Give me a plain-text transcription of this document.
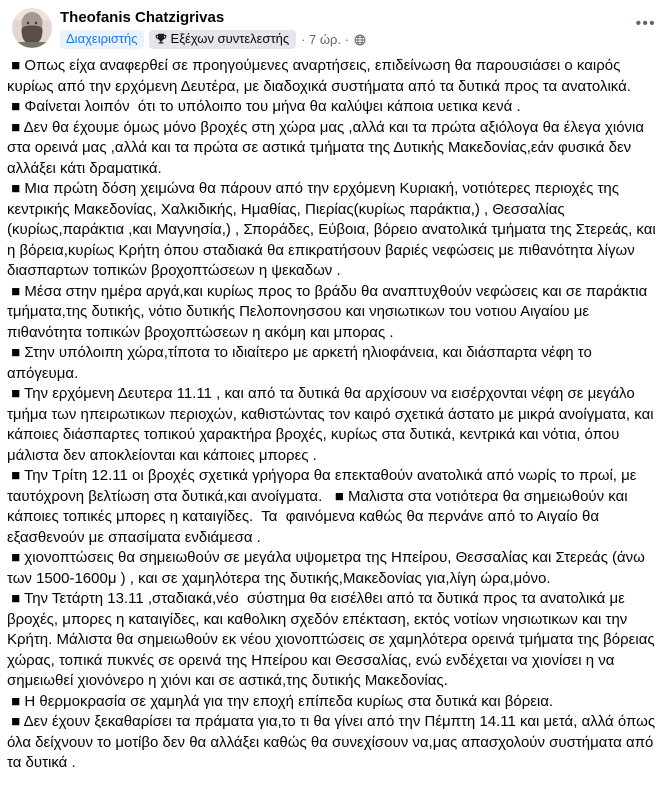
Theofanis Chatzigrivas
Διαχειριστής	Εξέχων συντελεστής · 7 ώρ. ·
•••

■ Οπως είχα αναφερθεί σε προηγούμενες αναρτήσεις, επιδείνωση θα παρουσιάσει ο καιρός κυρίως από την ερχόμενη Δευτέρα, με διαδοχικά συστήματα από τα δυτικά προς τα ανατολικά.

■ Φαίνεται λοιπόν  ότι το υπόλοιπο του μήνα θα καλύψει κάποια υετικα κενά .

■ Δεν θα έχουμε όμως μόνο βροχές στη χώρα μας ,αλλά και τα πρώτα αξιόλογα θα έλεγα χιόνια στα ορεινά μας ,αλλά και τα πρώτα σε αστικά τμήματα της Δυτικής Μακεδονίας,εάν φυσικά δεν αλλάξει κάτι δραματικά.

■ Μια πρώτη δόση χειμώνα θα πάρουν από την ερχόμενη Κυριακή, νοτιότερες περιοχές της κεντρικής Μακεδονίας, Χαλκιδικής, Ημαθίας, Πιερίας(κυρίως παράκτια,) , Θεσσαλίας (κυρίως,παράκτια ,και Μαγνησία,) , Σποράδες, Εύβοια, βόρειο ανατολικά τμήματα της Στερεάς, και η βόρεια,κυρίως Κρήτη όπου σταδιακά θα επικρατήσουν βαριές νεφώσεις με πιθανότητα λίγων διασπαρτων τοπικών βροχοπτώσεων η ψεκαδων .

■ Μέσα στην ημέρα αργά,και κυρίως προς το βράδυ θα αναπτυχθούν νεφώσεις και σε παράκτια τμήματα,της δυτικής, νότιο δυτικής Πελοπονησσου και νησιωτικων του νοτιου Αιγαίου με πιθανότητα τοπικών βροχοπτώσεων η ακόμη και μπορας .

■ Στην υπόλοιπη χώρα,τίποτα το ιδιαίτερο με αρκετή ηλιοφάνεια, και διάσπαρτα νέφη το απόγευμα.

■ Την ερχόμενη Δευτερα 11.11 , και από τα δυτικά θα αρχίσουν να εισέρχονται νέφη σε μεγάλο τμήμα των ηπειρωτικων περιοχών, καθιστώντας τον καιρό σχετικά άστατο με μικρά ανοίγματα, και κάποιες διάσπαρτες τοπικού χαρακτήρα βροχές, κυρίως στα δυτικά, κεντρικά και νότια, όπου μάλιστα δεν αποκλείονται και κάποιες μπορες .

■ Την Τρίτη 12.11 οι βροχές σχετικά γρήγορα θα επεκταθούν ανατολικά από νωρίς το πρωί, με ταυτόχρονη βελτίωση στα δυτικά,και ανοίγματα.   ■ Μαλιστα στα νοτιότερα θα σημειωθούν και κάποιες τοπικές μπορες η καταιγίδες.  Τα  φαινόμενα καθώς θα περνάνε από το Αιγαίο θα εξασθενούν με σπασίματα ενδιάμεσα .

■ χιονοπτώσεις θα σημειωθούν σε μεγάλα υψομετρα της Ηπείρου, Θεσσαλίας και Στερεάς (άνω των 1500-1600μ ) , και σε χαμηλότερα της δυτικής,Μακεδονίας για,λίγη ώρα,μόνο.

■ Την Τετάρτη 13.11 ,σταδιακά,νέο  σύστημα θα εισέλθει από τα δυτικά προς τα ανατολικά με βροχές, μπορες η καταιγίδες, και καθολικη σχεδόν επέκταση, εκτός νοτίων νησιωτικων και την Κρήτη. Μάλιστα θα σημειωθούν εκ νέου χιονοπτώσεις σε χαμηλότερα ορεινά τμήματα της βόρειας χώρας, τοπικά πυκνές σε ορεινά της Ηπείρου και Θεσσαλίας, ενώ ενδέχεται να χιονίσει η να σημειωθεί χιονόνερο η χιόνι και σε αστικά,της δυτικής Μακεδονίας.

■ Η θερμοκρασία σε χαμηλά για την εποχή επίπεδα κυρίως στα δυτικά και βόρεια.

■ Δεν έχουν ξεκαθαρίσει τα πράματα για,το τι θα γίνει από την Πέμπτη 14.11 και μετά, αλλά όπως όλα δείχνουν το μοτίβο δεν θα αλλάξει καθώς θα συνεχίσουν να,μας απασχολούν συστήματα από τα δυτικά .
